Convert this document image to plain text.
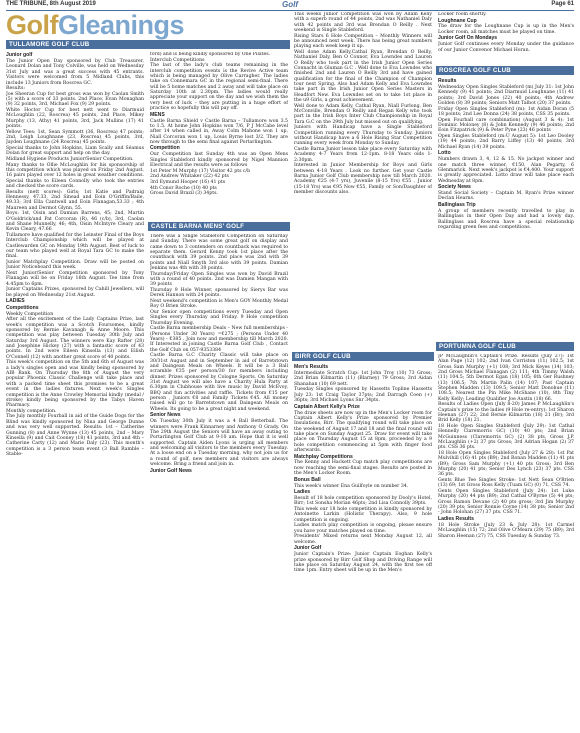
THE TRIBUNE, 8th August 2019	Golf	Page 61
GolfGleanings
TULLAMORE GOLF CLUB
CASTLE BARNA MENS' GOLF
BIRR GOLF CLUB
ROSCREA GOLF CLUB
PORTUMNA GOLF CLUB
Junior golf

The Junior Open Day sponsored by Club Treasurer, Leonard Dolan and Tony Colville, was held on Wednesday 31st July and was a great success with 45 entrants. Visitors were welcomed from 5 Midland Clubs, this include 13 Juniors from Roscrea GC.

Results:

Joe Sheeran Cup for best gross was won by Caolan Smith (5) with a score of 33 points. 2nd Place, Evan Monaghan (9) 32 points, 3rd, Michael Fox (9) 29 points.

White Hoctor Cup for best nett went to Diarmuid McLoughlin (22, Roscrea) 45 points, 2nd Place, Mikey Murphy (13, Athy) 41 points, 3rd, Jack Mullins (17) 41 points.

Yellow Tees: 1st, Sean Symmott (36, Roscrea) 47 points; 2nd, Leigh Loughnane (23, Roscrea) 45 points, 3rd, Jayden Loughnane (24 Roscrea) 45 points.

Special thanks to John Hopkins, Liam Scally and Séamus Dolan for great support and help on the day.

Midland Hygiene Products Junior/Senior Competition.

Many thanks to Ollie McLoughlin for his sponsorship of this competition which was played on Friday 2nd August. 16 pairs played over 12 holes in great weather conditions. Special thanks to Eileen Connolly who took the entries and checked the score cards.

Results (nett scores): Girls; 1st Katie and Padraig Hennessy, 47.33, 2nd Sinead and Eoin O'Griffin/Baile, 49.33; 3rd Ella Cantwell and Eoin Flanagan,53.33 ; 4th Maureen and Dermot Glynn, 55.

Boys: 1st, Oisin and Damian Barrens, 45; 2nd, Martin O'Goldrick/and Pat Corcoran (R), 46 (c/b), 3rd, Caolan and Shane Munnelly, 46; 4th, Oisin McIntyre Cleary and Kevin Cleary, 47.66

Tullamore have qualified for the Leinster Final of the Boys Interclub Championship which will be played at Castlewarden GC on Monday 19th August. Best of luck to our team who played well at Royal Tara GC to make the final.

Junior Matchplay Competition. Draw will be posted on Junior Noticeboard this week.

Next Junior/Senior Competition sponsored by Tony Flanagan will be on Friday 16th August. Tee time from 4.45pm to 6pm.

Junior Captains Prizes, sponsored by Cahill Jewellers, will be played on Wednesday 21st August.

LADIES
Competitions

Weekly Competition

After all the excitement of the Lady Captains Prize, last week's competition was a Scotch Foursomes, kindly sponsored by Bernie Kavanagh & Anne Moore. This competition was play between Tuesday 30th July and Saturday 3rd August. The winners were Kay Rafter (28) and Josephine Hickey (27) with a fantastic score of 43 points. In 2nd were Eileen Kinsella (13) and Eilish O'Connell (12) with another great score of 40 points.

This week's competition on the 5th and 6th of August was a lady's singles open and was kindly being sponsored by AIB Bank. On Thursday the 8th of August the very popular Phoenix Classic Challenge will take place and with a packed time sheet this promises to be a great event in the ladies fixtures. Next week's Singles competition is the Anne Crowley Memorial kindly (medal / stroke) kindly being sponsored by the Tabys Haven Pharmacy.

Monthly competition.

The July monthly Fourball in aid of the Guide Dogs for the Blind was kindly sponsored by Nina and George Dunne and was very well supported. Results: 1st – Catherine Gunning (8) and Anne Wynne (13) 45 points, 2nd – Mary Kinsella (9) and Cait Cooney (18) 41 points, 3rd and 4th – Catherine Carty (12) and Marie Daly (23). This month's competition is a 3 person team event (3 Ball Ramble –Stable-

ford) and is being kindly sponsored by One Pilates.

Interclub Competitions

The last of the lady's club teams remaining in the interclub competition events is the Revive Active team which is being managed by Olive Carragher. The ladies take on Connemara GC in the regional semi-final. There will be 5 home matches and 2 away and will take place on Saturday 10th at 2.30pm. The ladies would really appreciate your support on the day and we wish them the very best of luck – they are putting in a huge effort of practice so hopefully this will pay off.

MENS

Castle Barna Shield v Castle Barna – Tullamore won 3.5 to 1.5. At home John Hopkins won 7/6, P J McCabe level after 14 when called in, Away Colm Mahone won 1 up, Niall Corcoran won 1 up, Louis Byrne lost 3/2. They are now through to the semi final against Portarlington.

Competition

Our Competition last Sunday 4th was an Open Mens Singles Stableford kindly sponsored by Nigel Mannion Electrical and the results were as follows

1st Peter M Murphy (17) Visitor 42 pts c/b

2nd Andrew Whitaker (22) 42 pts

3rd Eymund Hooper (16) 41 pts

4th Conor Roche (10) 40 pts

Gross David Brazil (3) 34pts.

There was a Single Stableford Competition on Saturday and Sunday. There was some great golf on display and came down to 3 contenders on countback was required to separate them. Gerard Kenny took 1st place after the countback with 39 points. 2nd place was 2nd with 39 points and Niall Smyth 3rd also with 39 points. Damian Jenkins was 4th with 38 points.

Thursday/Friday Open Singles was won by David Brazil with a round of 40 points. 2nd was Damien Mangan with 39 points

Thursday 9 Hole Winner, sponsored by Sierys Bar was Derek Hannon with 24 points.

Next weekend's competition is Men's GOY Monthly Medal Roy O Brien Stroke.

Our Senior open competitions every Tuesday and Open Singles every Thursday and Friday. 9 Hole competition Thursday Evening.

Castle Barna membership Deals – New full memberships - (Persons Under 30 Years) =€275 ; (Persons Under 40 Years) - €385 . Join now and membership till March 2020. If Interested in joining Castle Barna Golf Club , Contact the Golf Club on 057-9353384

Castle Barna G.C Charity Classic will take place on 30/31st August and in September in aid of Barretstown and Daingean Meals on Wheels. It will be a 3 Ball scramble €35 per person/30 for members including dinner. Prizes sponsored by Cologne Sports. On Saturday 31st August we will also have a Charity Hula Party at 6.30pm in Clubhouse with live music by David McEvoy, BBQ and fun activities and raffle. Tickets from €15 per person , Juniors €8 and Family Tickets €45. All money raised will go to Barretstown and Daingean Meals on Wheels. Its going to be a great night and weekend.

Senior News

On Tuesday 30th July it was a 4 Ball Betterball. The winners were Frank Kinnarney and Anthony O Grady. On The 29th August the Seniors will have an away outing to Portarlington Golf Club at 9-10 am. Hope that it is well supported. Captain Aiden Lyons is urging all members and welcoming all visitors to the members every Tuesday. At a loose end on a Tuesday morning, why not join us for a round of golf, new members and visitors are always welcome. Bring a friend and join in.

Junior Golf News

This weeks Junior Competition was won by Adam Kelly with a superb round of 44 points, 2nd was Nathaniel Daly with 42 points and 3rd was Brendan O Reilly . Next weekend is Single Stableford.

Rising Stars 6 Hole Competition – Monthly Winners will be announced next week. There has being great numbers playing each week keep it up.

Well done Adam Kelly,Cathal Ryan, Brendan O Reilly, Nathaniel Daly, Ben O Connor, Eva Lowndes and Lauren O Reilly who took part in the Irish Junior Open Series Connacht in Gluman G.C . Well done to Eva Lowndes who finished 2nd and Lauren O Reilly 3rd and have gained qualification for the final of the Champion of Champion tour next Spring. Also had Adam Kelly and Eva Lowndes take part in the Irish Junior Open Series Masters in Headfort New. Eva Lowndes set on to take 1st place in the u9 Girls, a great achievement.

Well done to Adam Kelly, Cathal Ryan, Niall Furlong, Ben McConville, Brendan O Reilly and Regan Kelly who took part in the Irish Boys Inter Club Championship in Royal Tara G.C on the 29th July but missed out on qualifying.

Juniors with Handicap have a Single Stableford Competition running every Thursday to Sunday. Juniors without Handicap have a 6 Hole Rising Star Competition running every week from Monday to Sunday.

Castle Barna Junior lesson take place every Saturday with Academy 4-7 Years from 12-1pm. 8-18 Years olds 1-2:30pm.

Interested in Junior Membership for Boys and Girls between 4-18 Years . Look no further. Get your Castle Barna Junior Golf Club membership now till March 2020. Academy €25 (4-7 yrs), Juvenile (8-15 Yrs) €55 , Junior (15-18 Yrs) was €95 Now €55, Family or Son/Daughter of member discounts also.

Men's Results

Intermediate Scratch Cup: 1st John Troy (10) 73 Gross; 2nd Brian Kilmartin (11) (Blarney) 79 Gross; 3rd Aidan Shanahan (10) 69 nett.

Tuesday Singles sponsored by Hassetts Topline Hassetts July 23: 1st Craig Taylor 37pts; 2nd Darragh Coen (+) 36pts; 3rd Michael Lyons Snr 34pts.

Captain Albert Kelly's Prize

The draw sheets are now up in the Men's Locker room for Captain Albert Kelly's Prize sponsored by Premier Insulations, Birr. The qualifying round will take place on the weekend of August 17 and 18 and the final round will take place on Sunday August 25. Draw for event will take place on Thursday August 15 at 8pm, proceeded by a 9 hole competition commencing at 5pm with finger food afterwards.

Matchplay Competitions

The Kenny and Hackett Cup match play competitions are now reaching the semi-final stages. Results are posted in the Men's Locker Room.

Bonus Ball

This week's winner Ena Guilfoyle on number 34.

Ladies

Result of 18 hole competition sponsored by Dooly's Hotel, Birr; 1st Sonsha Morian 46pts; 2nd Lisa Connolly 39pts.

This week our 18 hole competition is kindly sponsored by Antoinette Larkin (Holistic Therapy). Also, 9 hole competition is ongoing.

Ladies match play competition is ongoing, please ensure you have your matches played on time.

Presidents' Mixed returns next Monday August 12, all welcome.

Junior Golf

Junior Captain's Prize: Junior Captain Eoghan Kelly's prize sponsored by Birr Golf Shop and Driving Range will take place on Saturday August 24, with the first tee off time 1pm. Entry sheet will be up in the Men's

Locker room shortly.

Loughnane Cup

The draw for the Loughnane Cup is up in the Men's Locker room, all matches must be played on time.

Junior Golf On Mondays

Junior Golf continues every Monday under the guidance of our Junior Convenor Michael Horan.

Results

Wednesday Open Singles Stableford (m) July 31: 1st John Kennedy (9) 41 points; 2nd Diarmuid Loughnane (11) 41 points; 3rd David Jones (22) 40 points; 4th Andrew Golden (8) 39 points; Seniors Matt Talbot (20) 37 points.

Friday Open Singles Stableford (m): 1st Aidan Doran (5 18 points; 2nd Lee Donna (24) 38 points, CSS 35 points.

Open Fourball care combination) (August 3 & 4): 1st Dominic Moloney (8) & John Kennedy (9) 46 points; 2nd Eoin Fitzpatrick (9) & Peter Pyne (23) 46 points

Open Singles Stableford (m:U August 5): 1st Leo Dooley (19) 44 points; 2nd Barry Liffey (13) 40 points; 3rd Michael Ryan (14) 39 points.

Lotto

Numbers drawn 3, 4, 12 & 15. No jackpot winner and one match three winner, €150, Alan Pegarty, 6 Glenmarick. Next week's jackpot is €4,400. Your support is greatly appreciated. Lotto draw will take place each Wednesday at 8pm.

Society News

Stand Social Society – Captain M. Ryan's Prize winner Declan Hearns.

Ballinglass Trip

A group of members recently travelled to play in Ballinglass in their Open Day and had a lovely day. Ballinglass and Roscrea have a special relationship regarding green fees and competitions.

JP McLaughlin's Captain's Prize. Results (July 27): 1st Alan Page (12) 102; 2nd Ivan Corriston (11) 102.5; 1st Gross Sam Murphy (+1) 108; 3rd Mick Keyes (14) 103; 2nd Gross Michael Flanagan (2) 111; 4th Timmy Walsh (11) 104.5; 5th Dermot Egan (18) 105; 6th Ger Rushney (13) 106.5; 7th Martin Palin (14) 107; Past Captain Stephen Madden (13) 109.5; Senior Matt Donohue (11) 108.5; Nearest the Pin Mike McShane (10), 8th Tiny Kelly Kelly; Leading Qualifier Joe Austin (18) 66.

Results of Ladies Open (July 8-20) James P McLaughlin's Captain's prize to the ladies (9 Hole re-entry): 1st Sharon Heenan (27) 22; 2nd Bernie Kilmartin (18) 21 (Br); 3rd Brid Kelly (18) 21.

18 Hole Open Singles Stableford (July 29): 1st Cathal Hennelly Claremorris GC) (10) 40 pts; 2nd Brian McGuinness (Claremorris GC) (2) 38 pts, Gross J.P. McLaughlin (+2) 37 pts Gross; 3rd Adrian Hogan (2) 37 pts. CSS 36 pts.

18 Hole Open Singles Stableford (July 27 & 28): 1st Pat Mulvihill (16) 41 pts (B9); 2nd Ronan Madden (11) 41 pts (B9); Gross Sam Murphy (+1) 40 pts Gross; 3rd Ben Murphy (20) 41 pts; Senior Des Lynch (23) 37 pts. CSS 36 pts.

Gents Blue Tee Singles Stroke: 1st Nett Sean O'Brien (13) 69; 1st Gross Ross Kelly (Tuam GC) (0) 71, CSS 74.

Gents Open Singles Stableford (July 24): 1st Luke Murphy (20) 44 pts (B9); 2nd Cathal O'Byrne (5) 44 pts; Gross Ramon Devane (2) 40 pts gross; 3rd Jim Murphy (20) 39 pts; Senior Ronnie Coyne (14) 38 pts; Senior 2nd - John Holohan (27) 37 pts. CSS 71.

Ladies Results

18 Hole Stroke (July 23 & July 28): 1st Carmel McLaughlin (15) 72; 2nd Olive O'Meara (29) 75 (B9); 3rd Sharon Heenan (27) 75, CSS Tuesday & Sunday 73.
